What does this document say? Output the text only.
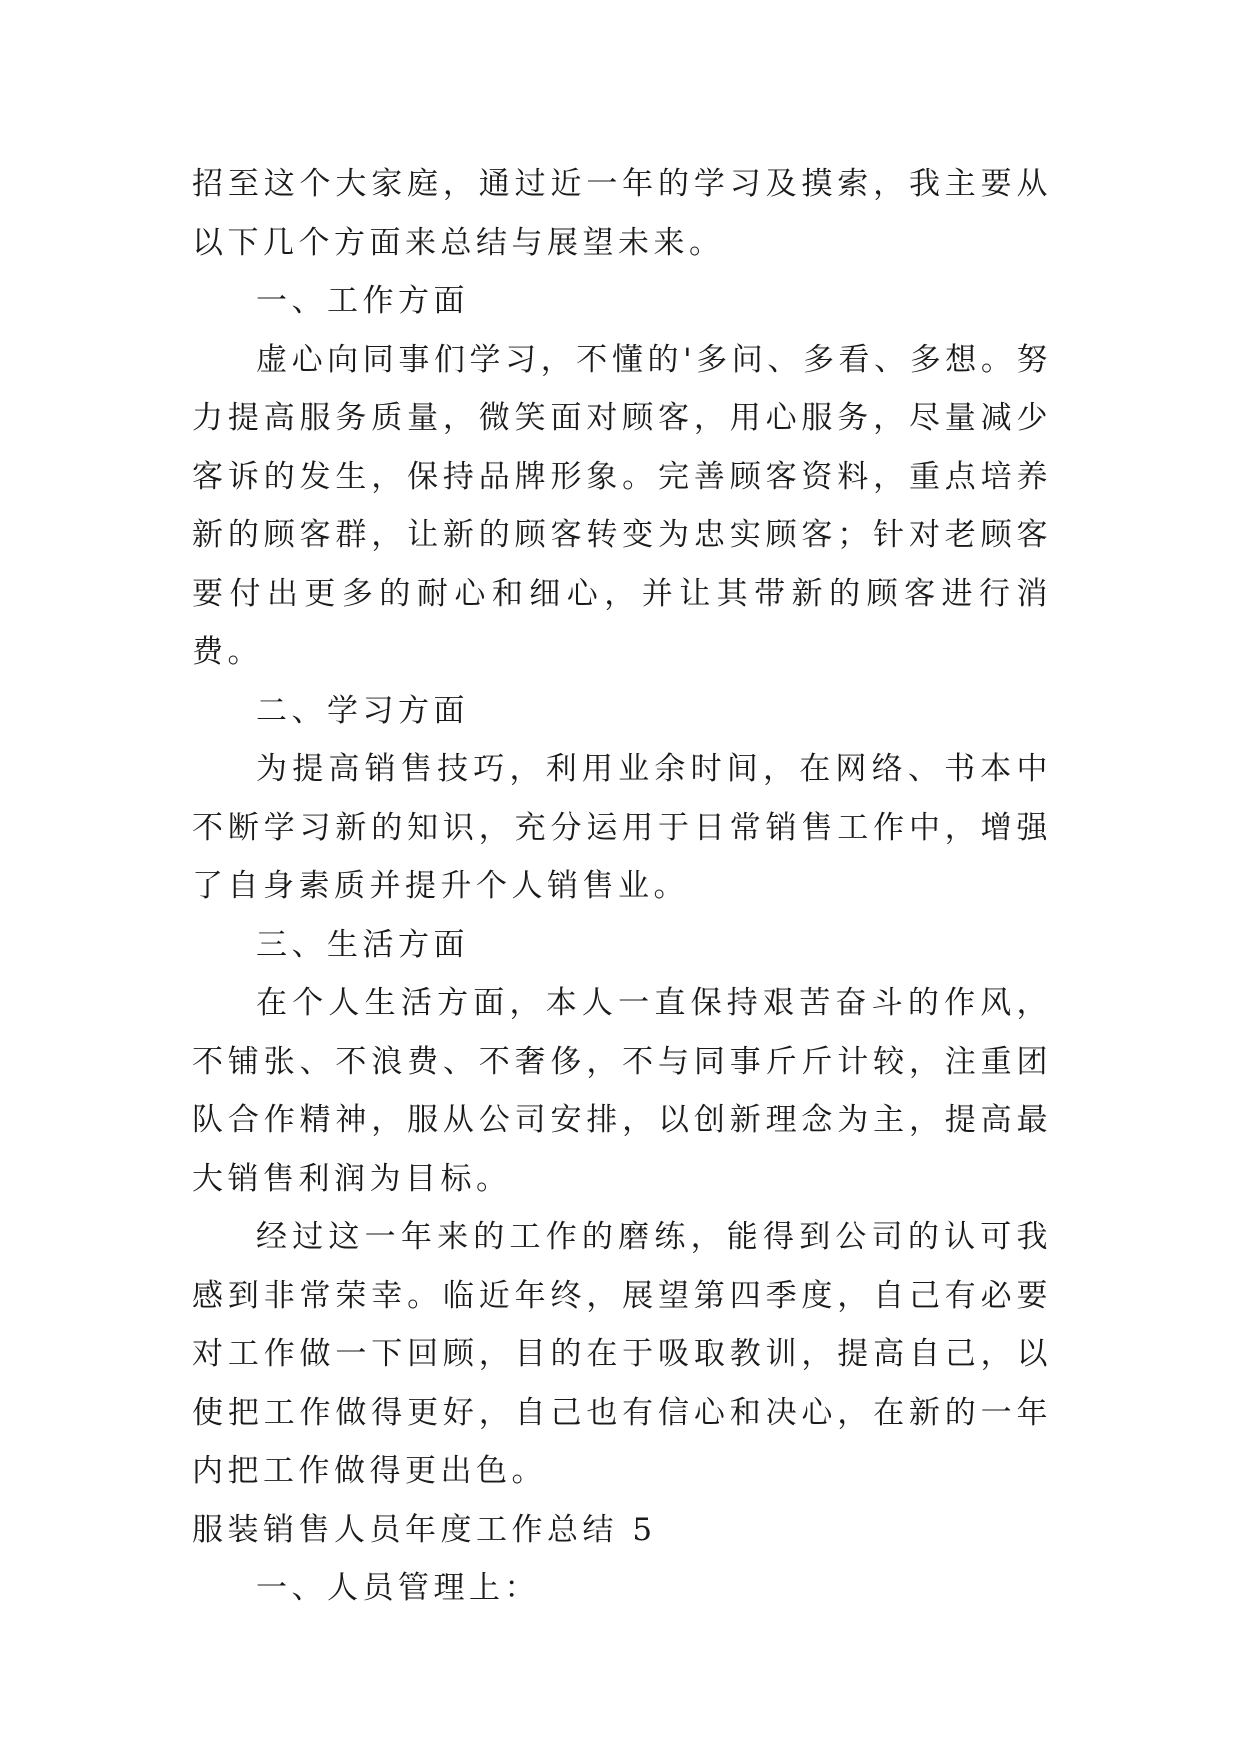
招至这个大家庭，通过近一年的学习及摸索，我主要从以下几个方面来总结与展望未来。

一、工作方面

虚心向同事们学习，不懂的'多问、多看、多想。努力提高服务质量，微笑面对顾客，用心服务，尽量减少客诉的发生，保持品牌形象。完善顾客资料，重点培养新的顾客群，让新的顾客转变为忠实顾客；针对老顾客要付出更多的耐心和细心，并让其带新的顾客进行消费。

二、学习方面

为提高销售技巧，利用业余时间，在网络、书本中不断学习新的知识，充分运用于日常销售工作中，增强了自身素质并提升个人销售业。

三、生活方面

在个人生活方面，本人一直保持艰苦奋斗的作风，不铺张、不浪费、不奢侈，不与同事斤斤计较，注重团队合作精神，服从公司安排，以创新理念为主，提高最大销售利润为目标。

经过这一年来的工作的磨练，能得到公司的认可我感到非常荣幸。临近年终，展望第四季度，自己有必要对工作做一下回顾，目的在于吸取教训，提高自己，以使把工作做得更好，自己也有信心和决心，在新的一年内把工作做得更出色。

服装销售人员年度工作总结 5

一、人员管理上：
